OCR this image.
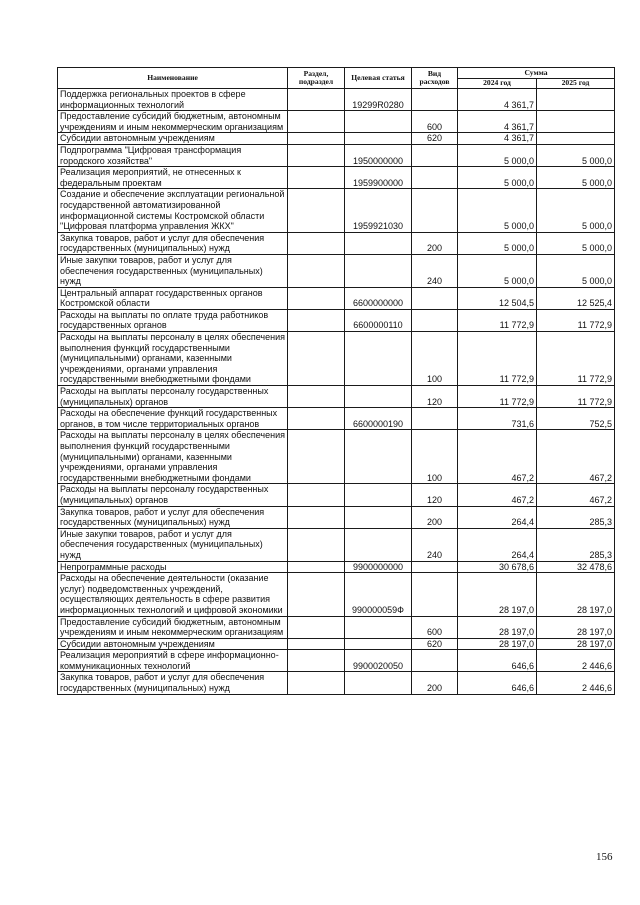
Наименование	Раздел, подраздел	Целевая статья	Вид расходов	Сумма	
				2024 год	2025 год
Поддержка региональных проектов в сфере информационных технологий		19299R0280		4 361,7	
Предоставление субсидий бюджетным, автономным учреждениям и иным некоммерческим организациям			600	4 361,7	
Субсидии автономным учреждениям			620	4 361,7	
Подпрограмма "Цифровая трансформация городского хозяйства"		1950000000		5 000,0	5 000,0
Реализация мероприятий, не отнесенных к федеральным проектам		1959900000		5 000,0	5 000,0
Создание и обеспечение эксплуатации региональной государственной автоматизированной информационной системы Костромской области "Цифровая платформа управления ЖКХ"		1959921030		5 000,0	5 000,0
Закупка товаров, работ и услуг для обеспечения государственных (муниципальных) нужд			200	5 000,0	5 000,0
Иные закупки товаров, работ и услуг для обеспечения государственных (муниципальных) нужд			240	5 000,0	5 000,0
Центральный аппарат государственных органов Костромской области		6600000000		12 504,5	12 525,4
Расходы на выплаты по оплате труда работников государственных органов		6600000110		11 772,9	11 772,9
Расходы на выплаты персоналу в целях обеспечения выполнения функций государственными (муниципальными) органами, казенными учреждениями, органами управления государственными внебюджетными фондами			100	11 772,9	11 772,9
Расходы на выплаты персоналу государственных (муниципальных) органов			120	11 772,9	11 772,9
Расходы на обеспечение функций государственных органов, в том числе территориальных органов		6600000190		731,6	752,5
Расходы на выплаты персоналу в целях обеспечения выполнения функций государственными (муниципальными) органами, казенными учреждениями, органами управления государственными внебюджетными фондами			100	467,2	467,2
Расходы на выплаты персоналу государственных (муниципальных) органов			120	467,2	467,2
Закупка товаров, работ и услуг для обеспечения государственных (муниципальных) нужд			200	264,4	285,3
Иные закупки товаров, работ и услуг для обеспечения государственных (муниципальных) нужд			240	264,4	285,3
Непрограммные расходы		9900000000		30 678,6	32 478,6
Расходы на обеспечение деятельности (оказание услуг) подведомственных учреждений, осуществляющих деятельность в сфере развития информационных технологий и цифровой экономики		990000059Ф		28 197,0	28 197,0
Предоставление субсидий бюджетным, автономным учреждениям и иным некоммерческим организациям			600	28 197,0	28 197,0
Субсидии автономным учреждениям			620	28 197,0	28 197,0
Реализация мероприятий в сфере информационно-коммуникационных технологий		9900020050		646,6	2 446,6
Закупка товаров, работ и услуг для обеспечения государственных (муниципальных) нужд			200	646,6	2 446,6
156
